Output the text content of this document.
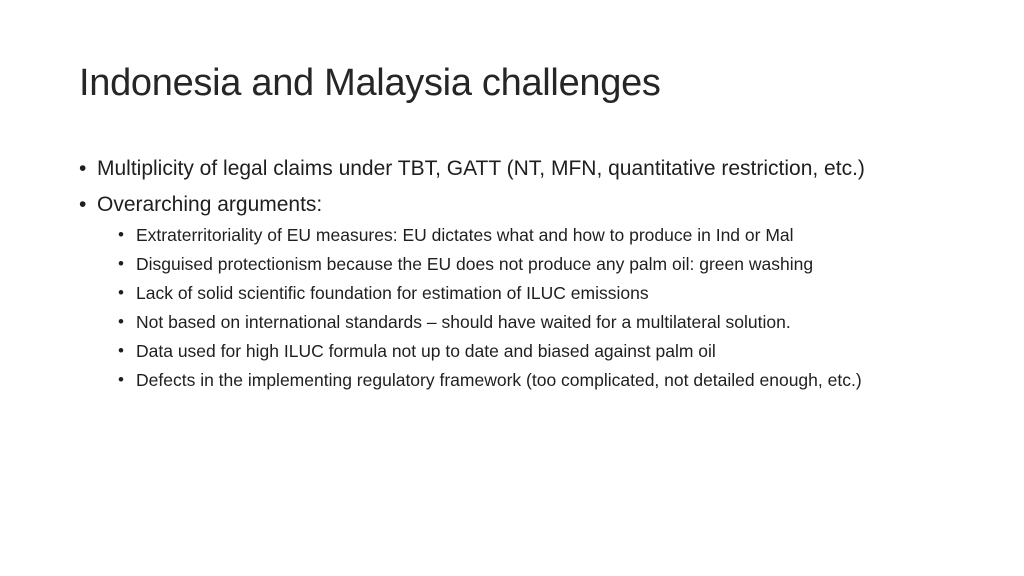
Indonesia and Malaysia challenges
• Multiplicity of legal claims under TBT, GATT (NT, MFN, quantitative restriction, etc.)
• Overarching arguments:
• Extraterritoriality of EU measures: EU dictates what and how to produce in Ind or Mal
• Disguised protectionism because the EU does not produce any palm oil: green washing
• Lack of solid scientific foundation for estimation of ILUC emissions
• Not based on international standards – should have waited for a multilateral solution.
• Data used for high ILUC formula not up to date and biased against palm oil
• Defects in the implementing regulatory framework (too complicated, not detailed enough, etc.)
